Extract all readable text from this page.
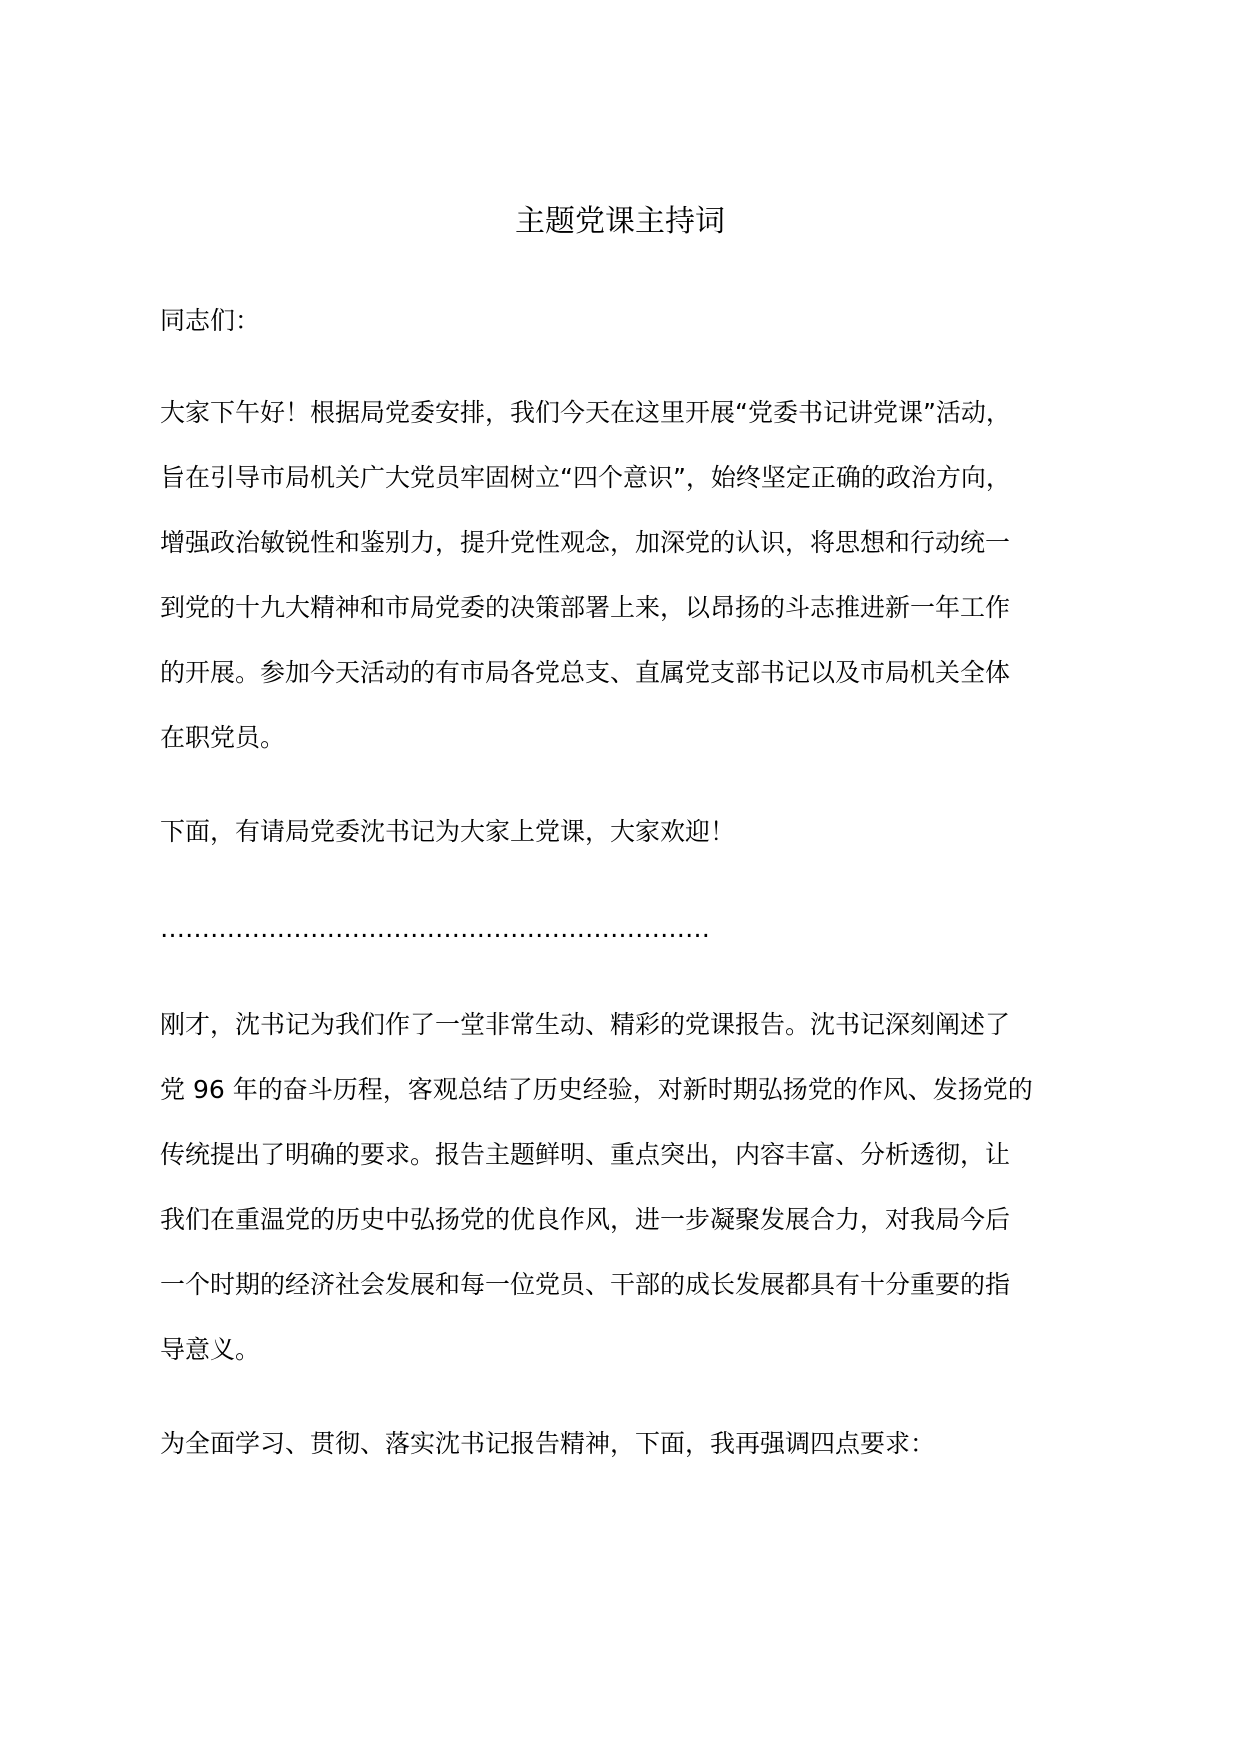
主题党课主持词
同志们：
大家下午好！根据局党委安排，我们今天在这里开展“党委书记讲党课”活动，
旨在引导市局机关广大党员牢固树立“四个意识”，始终坚定正确的政治方向，
增强政治敏锐性和鉴别力，提升党性观念，加深党的认识，将思想和行动统一
到党的十九大精神和市局党委的决策部署上来，以昂扬的斗志推进新一年工作
的开展。参加今天活动的有市局各党总支、直属党支部书记以及市局机关全体
在职党员。
下面，有请局党委沈书记为大家上党课，大家欢迎！
…………………………………………………………
刚才，沈书记为我们作了一堂非常生动、精彩的党课报告。沈书记深刻阐述了
党 96 年的奋斗历程，客观总结了历史经验，对新时期弘扬党的作风、发扬党的
传统提出了明确的要求。报告主题鲜明、重点突出，内容丰富、分析透彻，让
我们在重温党的历史中弘扬党的优良作风，进一步凝聚发展合力，对我局今后
一个时期的经济社会发展和每一位党员、干部的成长发展都具有十分重要的指
导意义。
为全面学习、贯彻、落实沈书记报告精神，下面，我再强调四点要求：
